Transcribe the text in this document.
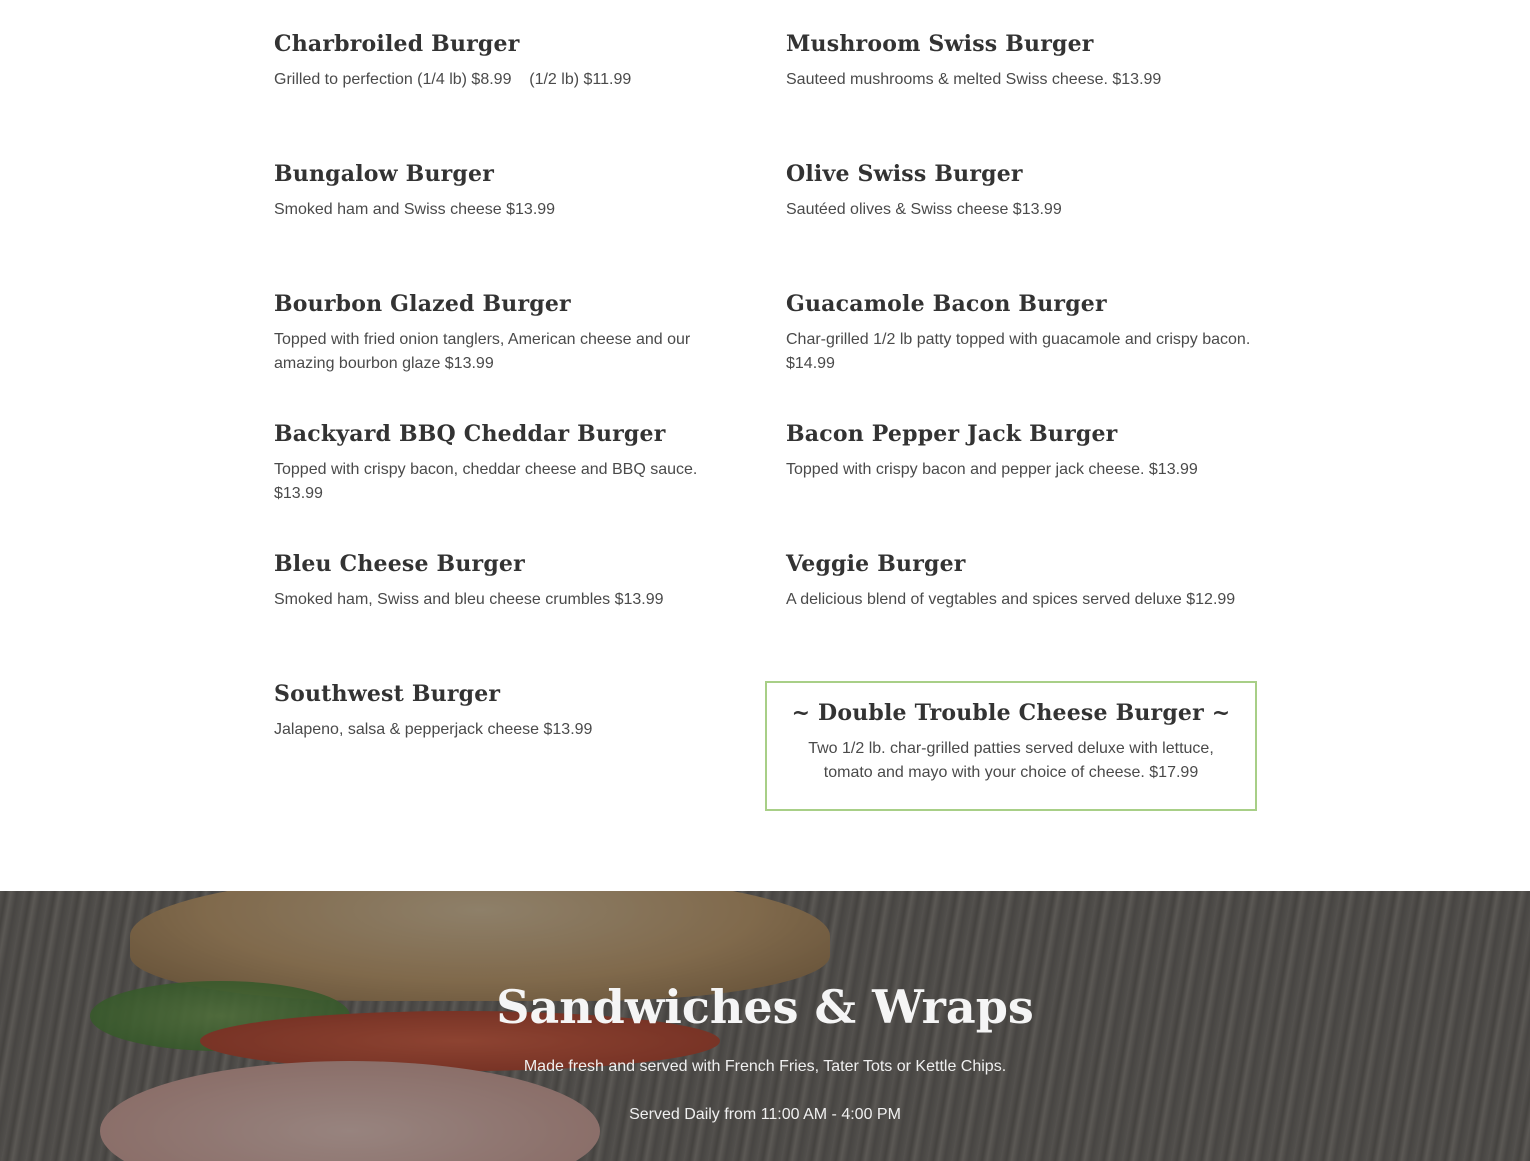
Charbroiled Burger

Grilled to perfection (1/4 lb) $8.99    (1/2 lb) $11.99

Mushroom Swiss Burger

Sauteed mushrooms & melted Swiss cheese. $13.99

Bungalow Burger

Smoked ham and Swiss cheese $13.99

Olive Swiss Burger

Sautéed olives & Swiss cheese $13.99

Bourbon Glazed Burger

Topped with fried onion tanglers, American cheese and our amazing bourbon glaze $13.99

Guacamole Bacon Burger

Char-grilled 1/2 lb patty topped with guacamole and crispy bacon. $14.99

Backyard BBQ Cheddar Burger

Topped with crispy bacon, cheddar cheese and BBQ sauce. $13.99

Bacon Pepper Jack Burger

Topped with crispy bacon and pepper jack cheese. $13.99

Bleu Cheese Burger

Smoked ham, Swiss and bleu cheese crumbles $13.99

Veggie Burger

A delicious blend of vegtables and spices served deluxe $12.99

Southwest Burger

Jalapeno, salsa & pepperjack cheese $13.99

~ Double Trouble Cheese Burger ~

Two 1/2 lb. char-grilled patties served deluxe with lettuce, tomato and mayo with your choice of cheese. $17.99

Sandwiches & Wraps

Made fresh and served with French Fries, Tater Tots or Kettle Chips.

Served Daily from 11:00 AM - 4:00 PM
